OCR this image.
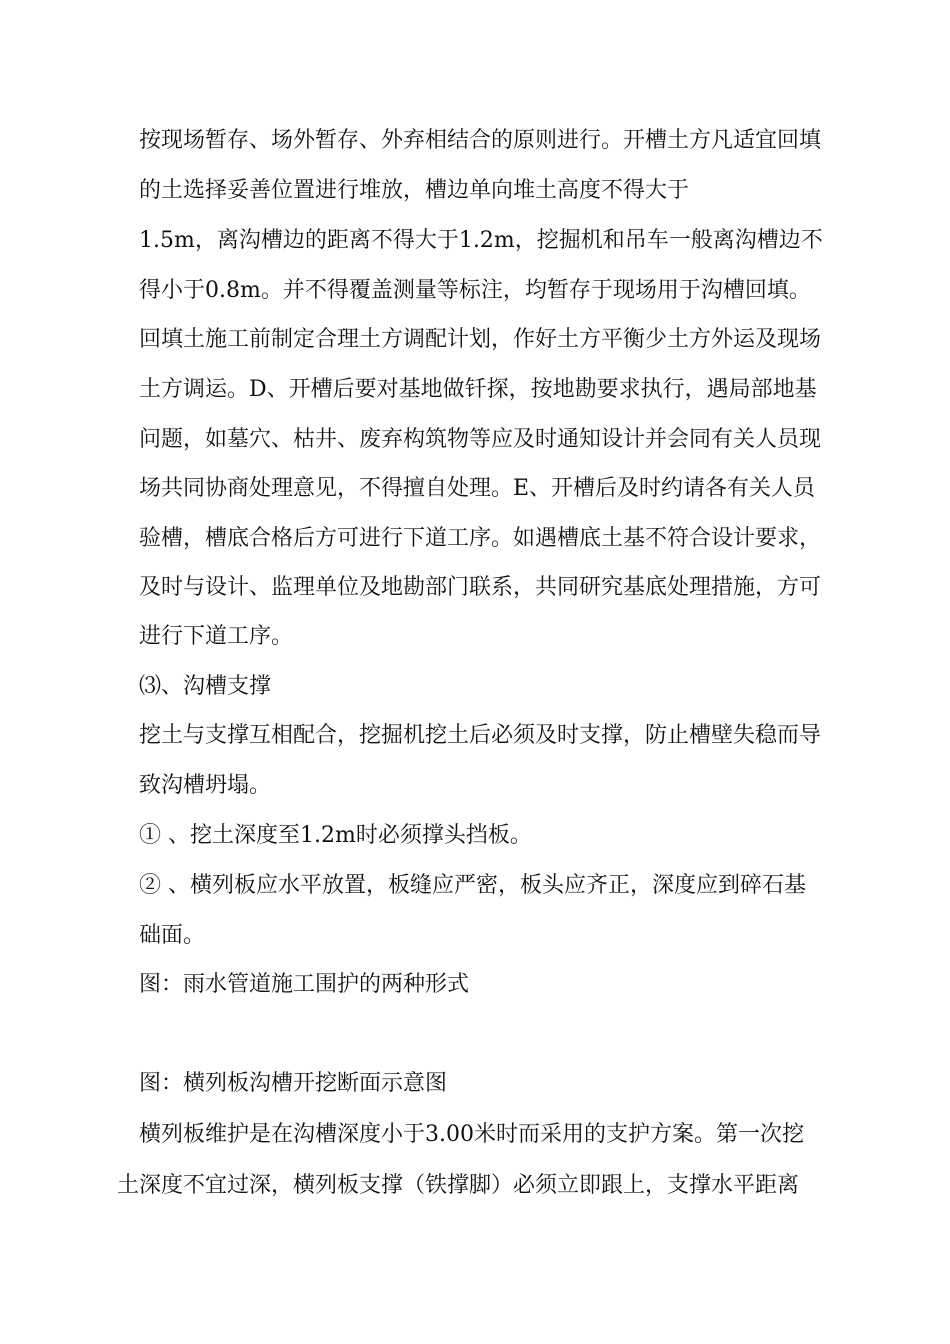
按现场暂存、场外暂存、外弃相结合的原则进行。开槽土方凡适宜回填

的土选择妥善位置进行堆放，槽边单向堆土高度不得大于

1.5m，离沟槽边的距离不得大于1.2m，挖掘机和吊车一般离沟槽边不

得小于0.8m。并不得覆盖测量等标注，均暂存于现场用于沟槽回填。

回填土施工前制定合理土方调配计划，作好土方平衡少土方外运及现场

土方调运。D、开槽后要对基地做钎探，按地勘要求执行，遇局部地基

问题，如墓穴、枯井、废弃构筑物等应及时通知设计并会同有关人员现

场共同协商处理意见，不得擅自处理。E、开槽后及时约请各有关人员

验槽，槽底合格后方可进行下道工序。如遇槽底土基不符合设计要求，

及时与设计、监理单位及地勘部门联系，共同研究基底处理措施，方可

进行下道工序。

⑶、沟槽支撑

挖土与支撑互相配合，挖掘机挖土后必须及时支撑，防止槽壁失稳而导

致沟槽坍塌。

① 、挖土深度至1.2m时必须撑头挡板。

② 、横列板应水平放置，板缝应严密，板头应齐正，深度应到碎石基

础面。

图：雨水管道施工围护的两种形式

图：横列板沟槽开挖断面示意图

横列板维护是在沟槽深度小于3.00米时而采用的支护方案。第一次挖

土深度不宜过深，横列板支撑（铁撑脚）必须立即跟上，支撑水平距离
